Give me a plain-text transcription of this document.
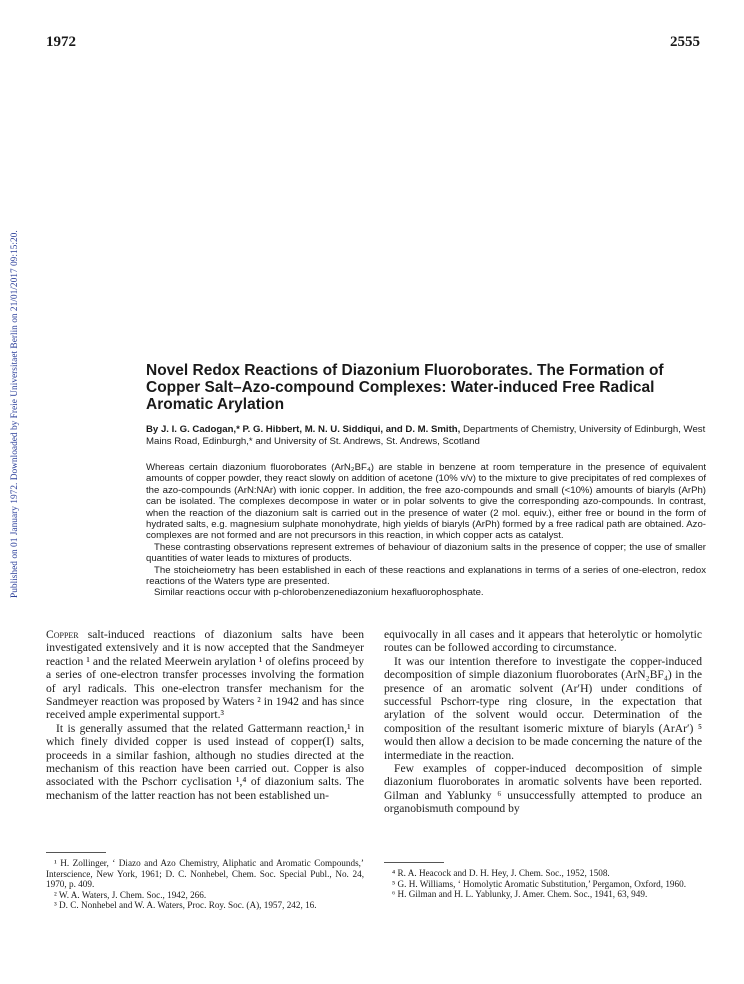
1972	2555
Published on 01 January 1972. Downloaded by Freie Universitaet Berlin on 21/01/2017 09:15:20.	Novel Redox Reactions of Diazonium Fluoroborates. The Formation of Copper Salt–Azo-compound Complexes: Water-induced Free Radical Aromatic Arylation
By J. I. G. Cadogan,* P. G. Hibbert, M. N. U. Siddiqui, and D. M. Smith, Departments of Chemistry, University of Edinburgh, West Mains Road, Edinburgh,* and University of St. Andrews, St. Andrews, Scotland

Whereas certain diazonium fluoroborates (ArN₂BF₄) are stable in benzene at room temperature in the presence of equivalent amounts of copper powder, they react slowly on addition of acetone (10% v/v) to the mixture to give precipitates of red complexes of the azo-compounds (ArN:NAr) with ionic copper. In addition, the free azo-compounds and small (<10%) amounts of biaryls (ArPh) can be isolated. The complexes decompose in water or in polar solvents to give the corresponding azo-compounds. In contrast, when the reaction of the diazonium salt is carried out in the presence of water (2 mol. equiv.), either free or bound in the form of hydrated salts, e.g. magnesium sulphate monohydrate, high yields of biaryls (ArPh) formed by a free radical path are obtained. Azo-complexes are not formed and are not precursors in this reaction, in which copper acts as catalyst.

These contrasting observations represent extremes of behaviour of diazonium salts in the presence of copper; the use of smaller quantities of water leads to mixtures of products.

The stoicheiometry has been established in each of these reactions and explanations in terms of a series of one-electron, redox reactions of the Waters type are presented.

Similar reactions occur with p-chlorobenzenediazonium hexafluorophosphate.

Copper salt-induced reactions of diazonium salts have been investigated extensively and it is now accepted that the Sandmeyer reaction ¹ and the related Meerwein arylation ¹ of olefins proceed by a series of one-electron transfer processes involving the formation of aryl radicals. This one-electron transfer mechanism for the Sandmeyer reaction was proposed by Waters ² in 1942 and has since received ample experimental support.³

It is generally assumed that the related Gattermann reaction,¹ in which finely divided copper is used instead of copper(I) salts, proceeds in a similar fashion, although no studies directed at the mechanism of this reaction have been carried out. Copper is also associated with the Pschorr cyclisation ¹,⁴ of diazonium salts. The mechanism of the latter reaction has not been established un-

equivocally in all cases and it appears that heterolytic or homolytic routes can be followed according to circumstance.

It was our intention therefore to investigate the copper-induced decomposition of simple diazonium fluoroborates (ArN₂BF₄) in the presence of an aromatic solvent (Ar′H) under conditions of successful Pschorr-type ring closure, in the expectation that arylation of the solvent would occur. Determination of the composition of the resultant isomeric mixture of biaryls (ArAr′) ⁵ would then allow a decision to be made concerning the nature of the intermediate in the reaction.

Few examples of copper-induced decomposition of simple diazonium fluoroborates in aromatic solvents have been reported. Gilman and Yablunky ⁶ unsuccessfully attempted to produce an organobismuth compound by

¹ H. Zollinger, ‘ Diazo and Azo Chemistry, Aliphatic and Aromatic Compounds,’ Interscience, New York, 1961; D. C. Nonhebel, Chem. Soc. Special Publ., No. 24, 1970, p. 409.
² W. A. Waters, J. Chem. Soc., 1942, 266.
³ D. C. Nonhebel and W. A. Waters, Proc. Roy. Soc. (A), 1957, 242, 16.
⁴ R. A. Heacock and D. H. Hey, J. Chem. Soc., 1952, 1508.
⁵ G. H. Williams, ‘ Homolytic Aromatic Substitution,’ Pergamon, Oxford, 1960.
⁶ H. Gilman and H. L. Yablunky, J. Amer. Chem. Soc., 1941, 63, 949.
